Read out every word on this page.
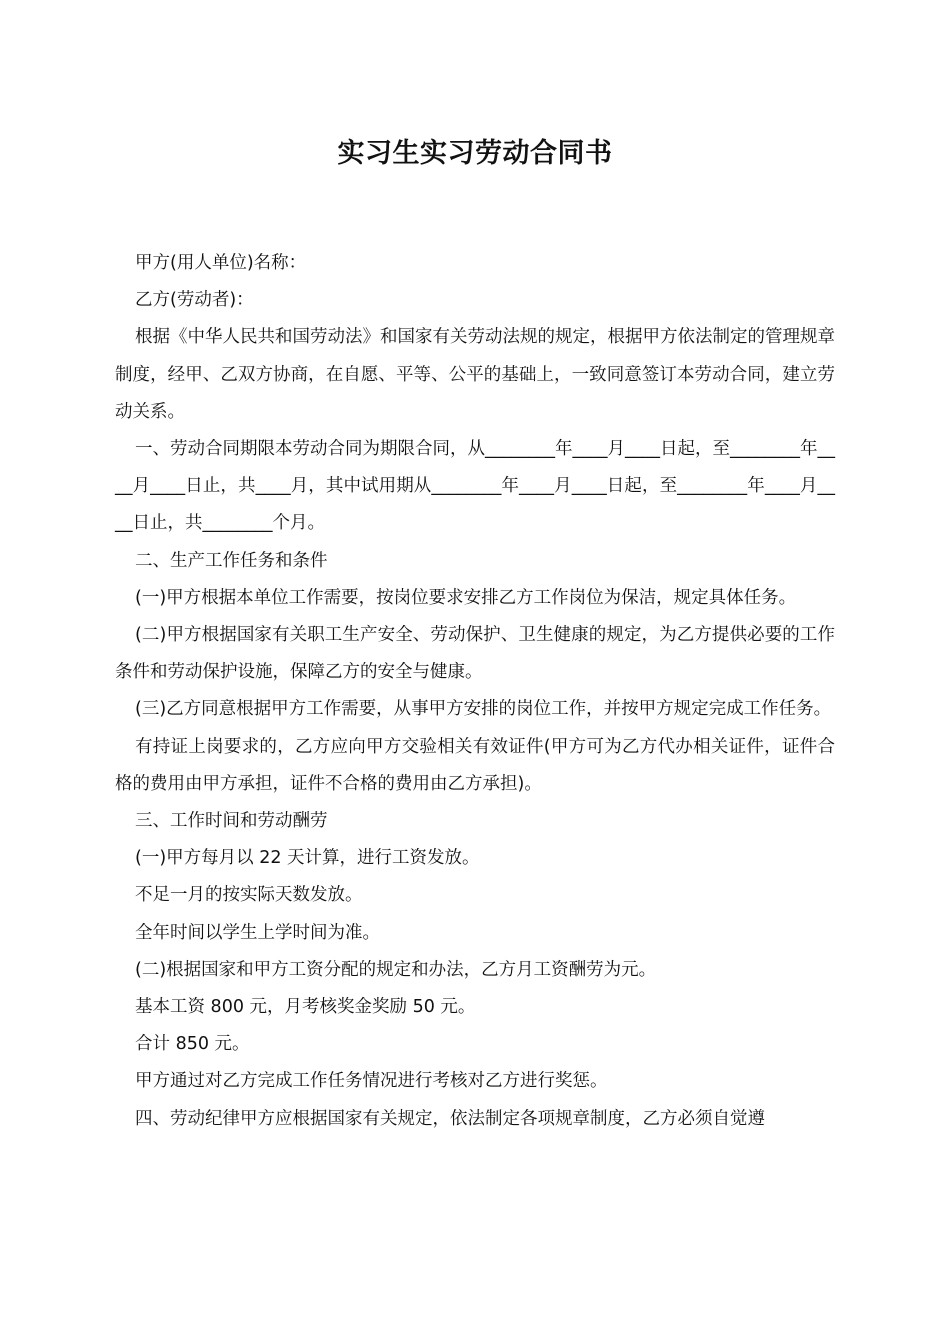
实习生实习劳动合同书

甲方(用人单位)名称：

乙方(劳动者)：

根据《中华人民共和国劳动法》和国家有关劳动法规的规定，根据甲方依法制定的管理规章制度，经甲、乙双方协商，在自愿、平等、公平的基础上，一致同意签订本劳动合同，建立劳动关系。

一、劳动合同期限本劳动合同为期限合同，从________年____月____日起，至________年____月____日止，共____月，其中试用期从________年____月____日起，至________年____月____日止，共________个月。

二、生产工作任务和条件

(一)甲方根据本单位工作需要，按岗位要求安排乙方工作岗位为保洁，规定具体任务。

(二)甲方根据国家有关职工生产安全、劳动保护、卫生健康的规定，为乙方提供必要的工作条件和劳动保护设施，保障乙方的安全与健康。

(三)乙方同意根据甲方工作需要，从事甲方安排的岗位工作，并按甲方规定完成工作任务。

有持证上岗要求的，乙方应向甲方交验相关有效证件(甲方可为乙方代办相关证件，证件合格的费用由甲方承担，证件不合格的费用由乙方承担)。

三、工作时间和劳动酬劳

(一)甲方每月以 22 天计算，进行工资发放。

不足一月的按实际天数发放。

全年时间以学生上学时间为准。

(二)根据国家和甲方工资分配的规定和办法，乙方月工资酬劳为元。

基本工资 800 元，月考核奖金奖励 50 元。

合计 850 元。

甲方通过对乙方完成工作任务情况进行考核对乙方进行奖惩。

四、劳动纪律甲方应根据国家有关规定，依法制定各项规章制度，乙方必须自觉遵
